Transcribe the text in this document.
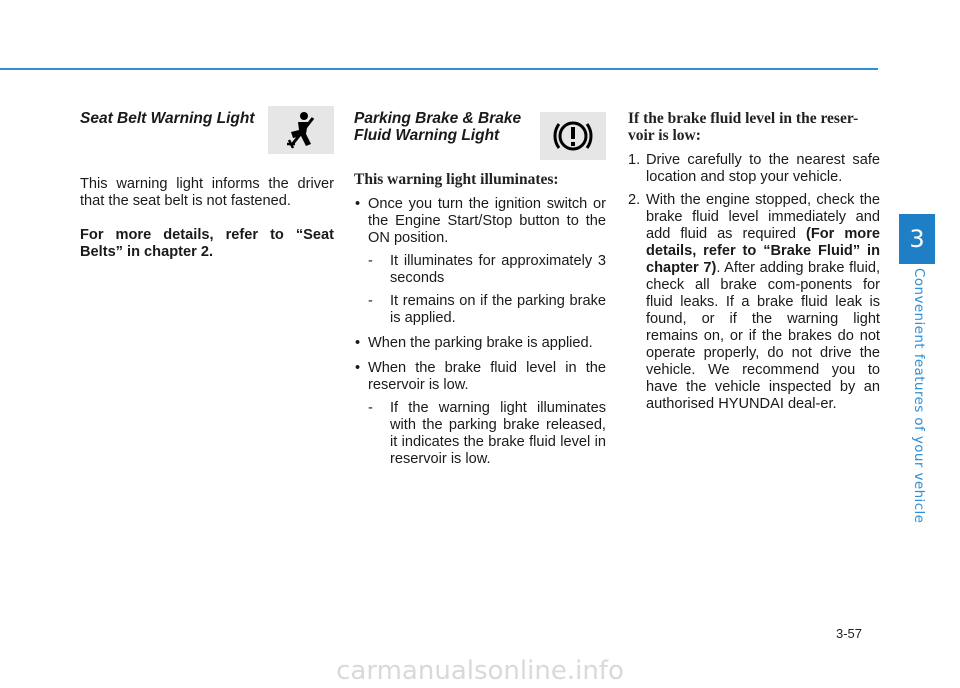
Seat Belt Warning Light

This warning light informs the driver that the seat belt is not fastened.

For more details, refer to “Seat Belts” in chapter 2.

Parking Brake & Brake Fluid Warning Light
This warning light illuminates:
• Once you turn the ignition switch or the Engine Start/Stop button to the ON position.
- It illuminates for approximately 3 seconds
- It remains on if the parking brake is applied.
• When the parking brake is applied.
• When the brake fluid level in the reservoir is low.
- If the warning light illuminates with the parking brake released, it indicates the brake fluid level in reservoir is low.
If the brake fluid level in the reser-voir is low:
1. Drive carefully to the nearest safe location and stop your vehicle.
2. With the engine stopped, check the brake fluid level immediately and add fluid as required (For more details, refer to “Brake Fluid” in chapter 7). After adding brake fluid, check all brake com-ponents for fluid leaks. If a brake fluid leak is found, or if the warning light remains on, or if the brakes do not operate properly, do not drive the vehicle. We recommend you to have the vehicle inspected by an authorised HYUNDAI deal-er.
3
Convenient features of your vehicle
3-57
carmanualsonline.info
